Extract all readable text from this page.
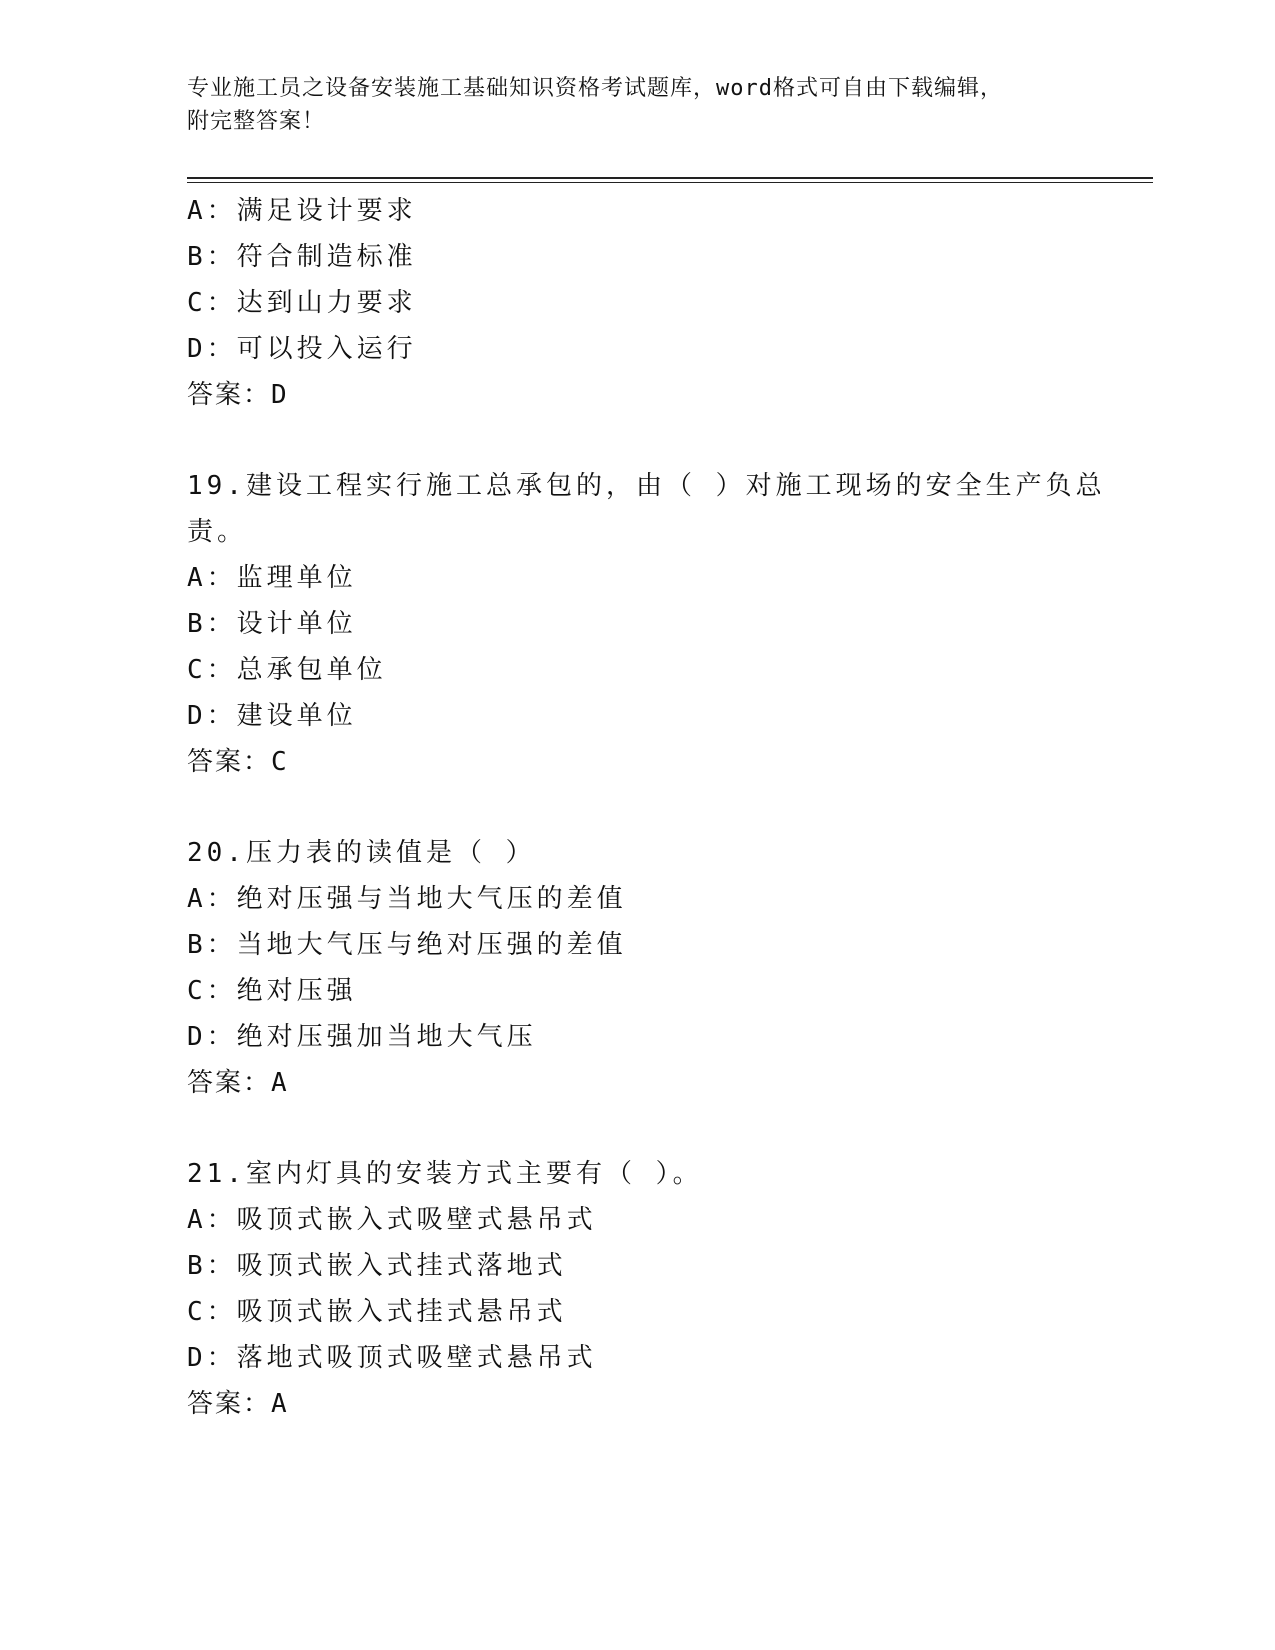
专业施工员之设备安装施工基础知识资格考试题库，word格式可自由下载编辑，
附完整答案！
A：满足设计要求
B：符合制造标准
C：达到山力要求
D：可以投入运行
答案：D
19.建设工程实行施工总承包的，由（ ）对施工现场的安全生产负总
责。
A：监理单位
B：设计单位
C：总承包单位
D：建设单位
答案：C
20.压力表的读值是（ ）
A：绝对压强与当地大气压的差值
B：当地大气压与绝对压强的差值
C：绝对压强
D：绝对压强加当地大气压
答案：A
21.室内灯具的安装方式主要有（ ）。
A：吸顶式嵌入式吸壁式悬吊式
B：吸顶式嵌入式挂式落地式
C：吸顶式嵌入式挂式悬吊式
D：落地式吸顶式吸壁式悬吊式
答案：A
